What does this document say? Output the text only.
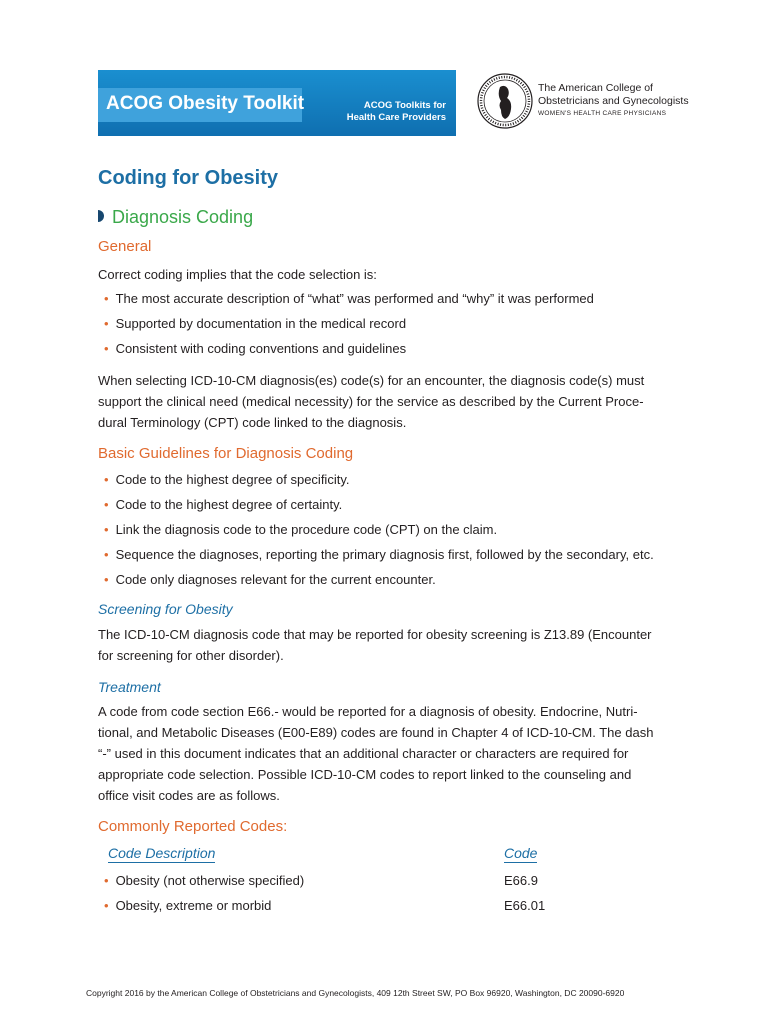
ACOG Obesity Toolkit	ACOG Toolkits for
Health Care Providers
The American College of
Obstetricians and Gynecologists
WOMEN'S HEALTH CARE PHYSICIANS
Coding for Obesity
Diagnosis Coding
General
Correct coding implies that the code selection is:
• The most accurate description of “what” was performed and “why” it was performed
• Supported by documentation in the medical record
• Consistent with coding conventions and guidelines
When selecting ICD-10-CM diagnosis(es) code(s) for an encounter, the diagnosis code(s) must
support the clinical need (medical necessity) for the service as described by the Current Proce-
dural Terminology (CPT) code linked to the diagnosis.
Basic Guidelines for Diagnosis Coding
• Code to the highest degree of specificity.
• Code to the highest degree of certainty.
• Link the diagnosis code to the procedure code (CPT) on the claim.
• Sequence the diagnoses, reporting the primary diagnosis first, followed by the secondary, etc.
• Code only diagnoses relevant for the current encounter.
Screening for Obesity
The ICD-10-CM diagnosis code that may be reported for obesity screening is Z13.89 (Encounter
for screening for other disorder).
Treatment
A code from code section E66.- would be reported for a diagnosis of obesity. Endocrine, Nutri-
tional, and Metabolic Diseases (E00-E89) codes are found in Chapter 4 of ICD-10-CM. The dash
“-” used in this document indicates that an additional character or characters are required for
appropriate code selection. Possible ICD-10-CM codes to report linked to the counseling and
office visit codes are as follows.
Commonly Reported Codes:
Code Description	Code
• Obesity (not otherwise specified)	E66.9
• Obesity, extreme or morbid	E66.01
Copyright 2016 by the American College of Obstetricians and Gynecologists, 409 12th Street SW, PO Box 96920, Washington, DC 20090-6920
